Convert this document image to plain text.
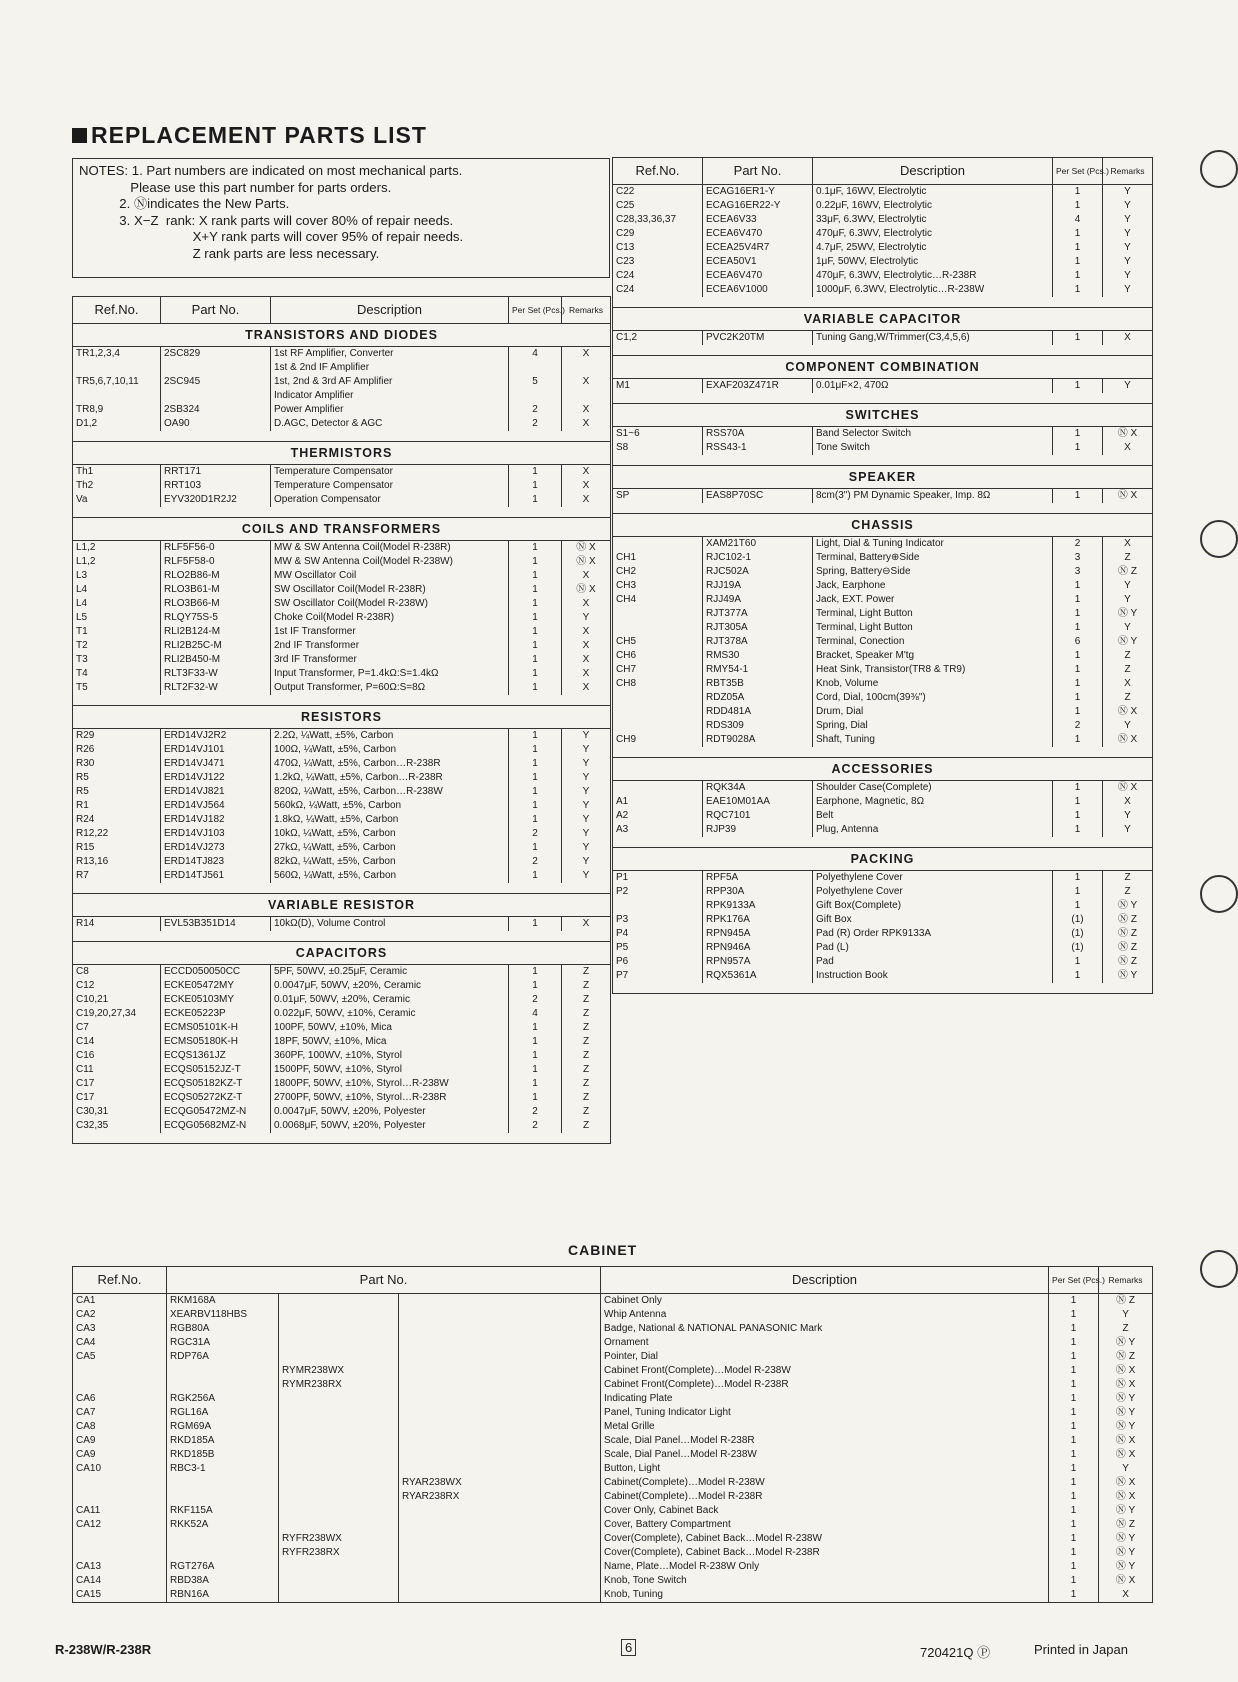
REPLACEMENT PARTS LIST
NOTES: 1. Part numbers are indicated on most mechanical parts.
Please use this part number for parts orders.
2. Ⓝindicates the New Parts.
3. X−Z  rank: X rank parts will cover 80% of repair needs.
X+Y rank parts will cover 95% of repair needs.
Z rank parts are less necessary.
Ref.No.	Part No.	Description	Per Set (Pcs.)	Remarks
TRANSISTORS AND DIODES				
TR1,2,3,4	2SC829	1st RF Amplifier, Converter	4	X
		1st & 2nd IF Amplifier		
TR5,6,7,10,11	2SC945	1st, 2nd & 3rd AF Amplifier	5	X
		Indicator Amplifier		
TR8,9	2SB324	Power Amplifier	2	X
D1,2	OA90	D.AGC, Detector & AGC	2	X

THERMISTORS				
Th1	RRT171	Temperature Compensator	1	X
Th2	RRT103	Temperature Compensator	1	X
Va	EYV320D1R2J2	Operation Compensator	1	X

COILS AND TRANSFORMERS				
L1,2	RLF5F56-0	MW & SW Antenna Coil(Model R-238R)	1	Ⓝ X
L1,2	RLF5F58-0	MW & SW Antenna Coil(Model R-238W)	1	Ⓝ X
L3	RLO2B86-M	MW Oscillator Coil	1	X
L4	RLO3B61-M	SW Oscillator Coil(Model R-238R)	1	Ⓝ X
L4	RLO3B66-M	SW Oscillator Coil(Model R-238W)	1	X
L5	RLQY75S-5	Choke Coil(Model R-238R)	1	Y
T1	RLI2B124-M	1st IF Transformer	1	X
T2	RLI2B25C-M	2nd IF Transformer	1	X
T3	RLI2B450-M	3rd IF Transformer	1	X
T4	RLT3F33-W	Input Transformer, P=1.4kΩ:S=1.4kΩ	1	X
T5	RLT2F32-W	Output Transformer, P=60Ω:S=8Ω	1	X

RESISTORS				
R29	ERD14VJ2R2	2.2Ω, ¼Watt, ±5%, Carbon	1	Y
R26	ERD14VJ101	100Ω, ¼Watt, ±5%, Carbon	1	Y
R30	ERD14VJ471	470Ω, ¼Watt, ±5%, Carbon…R-238R	1	Y
R5	ERD14VJ122	1.2kΩ, ¼Watt, ±5%, Carbon…R-238R	1	Y
R5	ERD14VJ821	820Ω, ¼Watt, ±5%, Carbon…R-238W	1	Y
R1	ERD14VJ564	560kΩ, ¼Watt, ±5%, Carbon	1	Y
R24	ERD14VJ182	1.8kΩ, ¼Watt, ±5%, Carbon	1	Y
R12,22	ERD14VJ103	10kΩ, ¼Watt, ±5%, Carbon	2	Y
R15	ERD14VJ273	27kΩ, ¼Watt, ±5%, Carbon	1	Y
R13,16	ERD14TJ823	82kΩ, ¼Watt, ±5%, Carbon	2	Y
R7	ERD14TJ561	560Ω, ¼Watt, ±5%, Carbon	1	Y

VARIABLE RESISTOR				
R14	EVL53B351D14	10kΩ(D), Volume Control	1	X

CAPACITORS				
C8	ECCD050050CC	5PF, 50WV, ±0.25μF, Ceramic	1	Z
C12	ECKE05472MY	0.0047μF, 50WV, ±20%, Ceramic	1	Z
C10,21	ECKE05103MY	0.01μF, 50WV, ±20%, Ceramic	2	Z
C19,20,27,34	ECKE05223P	0.022μF, 50WV, ±10%, Ceramic	4	Z
C7	ECMS05101K-H	100PF, 50WV, ±10%, Mica	1	Z
C14	ECMS05180K-H	18PF, 50WV, ±10%, Mica	1	Z
C16	ECQS1361JZ	360PF, 100WV, ±10%, Styrol	1	Z
C11	ECQS05152JZ-T	1500PF, 50WV, ±10%, Styrol	1	Z
C17	ECQS05182KZ-T	1800PF, 50WV, ±10%, Styrol…R-238W	1	Z
C17	ECQS05272KZ-T	2700PF, 50WV, ±10%, Styrol…R-238R	1	Z
C30,31	ECQG05472MZ-N	0.0047μF, 50WV, ±20%, Polyester	2	Z
C32,35	ECQG05682MZ-N	0.0068μF, 50WV, ±20%, Polyester	2	Z

Ref.No.	Part No.	Description	Per Set (Pcs.)	Remarks
C22	ECAG16ER1-Y	0.1μF, 16WV, Electrolytic	1	Y
C25	ECAG16ER22-Y	0.22μF, 16WV, Electrolytic	1	Y
C28,33,36,37	ECEA6V33	33μF, 6.3WV, Electrolytic	4	Y
C29	ECEA6V470	470μF, 6.3WV, Electrolytic	1	Y
C13	ECEA25V4R7	4.7μF, 25WV, Electrolytic	1	Y
C23	ECEA50V1	1μF, 50WV, Electrolytic	1	Y
C24	ECEA6V470	470μF, 6.3WV, Electrolytic…R-238R	1	Y
C24	ECEA6V1000	1000μF, 6.3WV, Electrolytic…R-238W	1	Y

VARIABLE CAPACITOR				
C1,2	PVC2K20TM	Tuning Gang,W/Trimmer(C3,4,5,6)	1	X

COMPONENT COMBINATION				
M1	EXAF203Z471R	0.01μF×2, 470Ω	1	Y

SWITCHES				
S1~6	RSS70A	Band Selector Switch	1	Ⓝ X
S8	RSS43-1	Tone Switch	1	X

SPEAKER				
SP	EAS8P70SC	8cm(3") PM Dynamic Speaker, Imp. 8Ω	1	Ⓝ X

CHASSIS				
	XAM21T60	Light, Dial & Tuning Indicator	2	X
CH1	RJC102-1	Terminal, Battery⊕Side	3	Z
CH2	RJC502A	Spring, Battery⊖Side	3	Ⓝ Z
CH3	RJJ19A	Jack, Earphone	1	Y
CH4	RJJ49A	Jack, EXT. Power	1	Y
	RJT377A	Terminal, Light Button	1	Ⓝ Y
	RJT305A	Terminal, Light Button	1	Y
CH5	RJT378A	Terminal, Conection	6	Ⓝ Y
CH6	RMS30	Bracket, Speaker M'tg	1	Z
CH7	RMY54-1	Heat Sink, Transistor(TR8 & TR9)	1	Z
CH8	RBT35B	Knob, Volume	1	X
	RDZ05A	Cord, Dial, 100cm(39⅜")	1	Z
	RDD481A	Drum, Dial	1	Ⓝ X
	RDS309	Spring, Dial	2	Y
CH9	RDT9028A	Shaft, Tuning	1	Ⓝ X

ACCESSORIES				
	RQK34A	Shoulder Case(Complete)	1	Ⓝ X
A1	EAE10M01AA	Earphone, Magnetic, 8Ω	1	X
A2	RQC7101	Belt	1	Y
A3	RJP39	Plug, Antenna	1	Y

PACKING				
P1	RPF5A	Polyethylene Cover	1	Z
P2	RPP30A	Polyethylene Cover	1	Z
	RPK9133A	Gift Box(Complete)	1	Ⓝ Y
P3	RPK176A	Gift Box	(1)	Ⓝ Z
P4	RPN945A	Pad (R) Order RPK9133A	(1)	Ⓝ Z
P5	RPN946A	Pad (L)	(1)	Ⓝ Z
P6	RPN957A	Pad	1	Ⓝ Z
P7	RQX5361A	Instruction Book	1	Ⓝ Y

CABINET
Ref.No.	Part No.			Description	Per Set (Pcs.)	Remarks
CA1	RKM168A			Cabinet Only	1	Ⓝ Z
CA2	XEARBV118HBS			Whip Antenna	1	Y
CA3	RGB80A			Badge, National & NATIONAL PANASONIC Mark	1	Z
CA4	RGC31A			Ornament	1	Ⓝ Y
CA5	RDP76A			Pointer, Dial	1	Ⓝ Z
		RYMR238WX		Cabinet Front(Complete)…Model R-238W	1	Ⓝ X
		RYMR238RX		Cabinet Front(Complete)…Model R-238R	1	Ⓝ X
CA6	RGK256A			Indicating Plate	1	Ⓝ Y
CA7	RGL16A			Panel, Tuning Indicator Light	1	Ⓝ Y
CA8	RGM69A			Metal Grille	1	Ⓝ Y
CA9	RKD185A			Scale, Dial Panel…Model R-238R	1	Ⓝ X
CA9	RKD185B			Scale, Dial Panel…Model R-238W	1	Ⓝ X
CA10	RBC3-1			Button, Light	1	Y
			RYAR238WX	Cabinet(Complete)…Model R-238W	1	Ⓝ X
			RYAR238RX	Cabinet(Complete)…Model R-238R	1	Ⓝ X
CA11	RKF115A			Cover Only, Cabinet Back	1	Ⓝ Y
CA12	RKK52A			Cover, Battery Compartment	1	Ⓝ Z
		RYFR238WX		Cover(Complete), Cabinet Back…Model R-238W	1	Ⓝ Y
		RYFR238RX		Cover(Complete), Cabinet Back…Model R-238R	1	Ⓝ Y
CA13	RGT276A			Name, Plate…Model R-238W Only	1	Ⓝ Y
CA14	RBD38A			Knob, Tone Switch	1	Ⓝ X
CA15	RBN16A			Knob, Tuning	1	X
R-238W/R-238R	6	720421Q Ⓟ	Printed in Japan
